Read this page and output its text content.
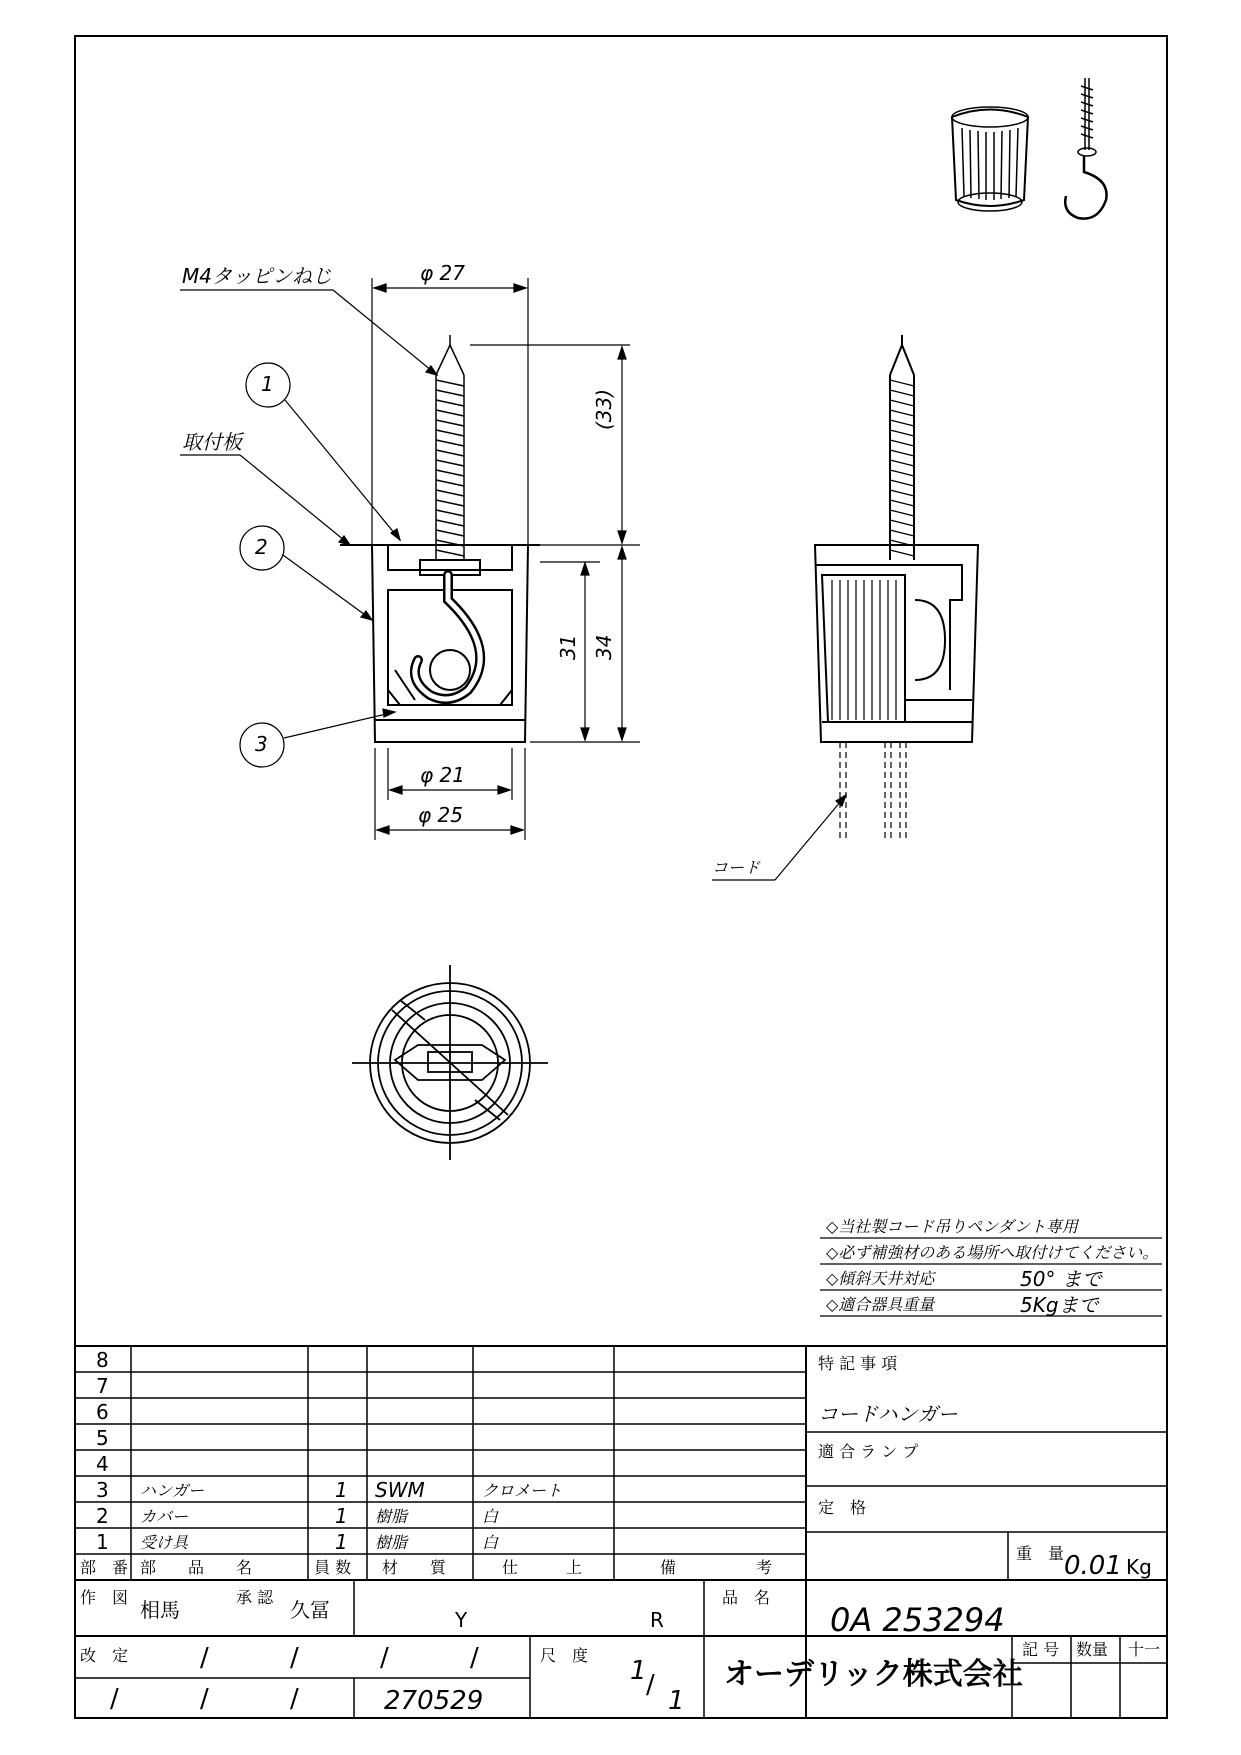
M4タッピンねじ	φ 27
取付板
1
2
3
(33)
31 34
φ 21
φ 25
コード
◇当社製コード吊りペンダント専用
◇必ず補強材のある場所へ取付けてください。
◇傾斜天井対応	50° まで
◇適合器具重量	5Kgまで
8
7
6
5
4
3 ハンガー	1 SWM	クロメート
2 カバー	1 樹脂	白
1 受け具	1 樹脂	白
部　番 部　　品　　名	員 数 材　　質	仕　　　上	備　　　　　考
特 記 事 項
コードハンガー
適 合 ラ ン プ
定　格
重　量 0.01 Kg
作　図
相馬
承 認
久冨	Y	R
品　名
0A 253294
改　定	/	/	/	/
/	/	/	270529
尺　度
1 /
1
オーデリック株式会社
記 号 数量 十一
